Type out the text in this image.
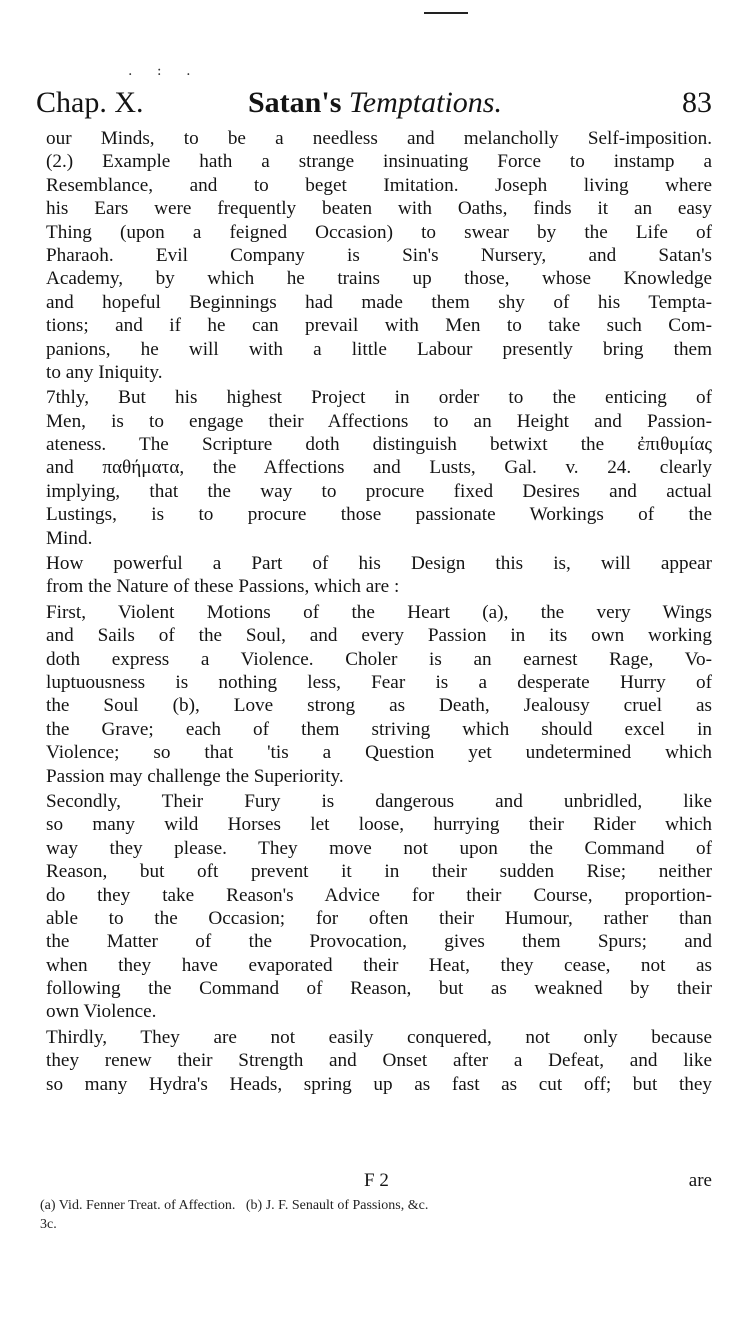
. : .
Chap. X.	Satan's Temptations.	83
our Minds, to be a needless and melancholly Self-imposition.
(2.) Example hath a strange insinuating Force to instamp a
Resemblance, and to beget Imitation. Joseph living where
his Ears were frequently beaten with Oaths, finds it an easy
Thing (upon a feigned Occasion) to swear by the Life of
Pharaoh. Evil Company is Sin's Nursery, and Satan's
Academy, by which he trains up those, whose Knowledge
and hopeful Beginnings had made them shy of his Tempta-
tions; and if he can prevail with Men to take such Com-
panions, he will with a little Labour presently bring them
to any Iniquity.
7thly, But his highest Project in order to the enticing of
Men, is to engage their Affections to an Height and Passion-
ateness. The Scripture doth distinguish betwixt the ἐπιθυμίας
and παθήματα, the Affections and Lusts, Gal. v. 24. clearly
implying, that the way to procure fixed Desires and actual
Lustings, is to procure those passionate Workings of the
Mind.
How powerful a Part of his Design this is, will appear
from the Nature of these Passions, which are :
First, Violent Motions of the Heart (a), the very Wings
and Sails of the Soul, and every Passion in its own working
doth express a Violence. Choler is an earnest Rage, Vo-
luptuousness is nothing less, Fear is a desperate Hurry of
the Soul (b), Love strong as Death, Jealousy cruel as
the Grave; each of them striving which should excel in
Violence; so that 'tis a Question yet undetermined which
Passion may challenge the Superiority.
Secondly, Their Fury is dangerous and unbridled, like
so many wild Horses let loose, hurrying their Rider which
way they please. They move not upon the Command of
Reason, but oft prevent it in their sudden Rise; neither
do they take Reason's Advice for their Course, proportion-
able to the Occasion; for often their Humour, rather than
the Matter of the Provocation, gives them Spurs; and
when they have evaporated their Heat, they cease, not as
following the Command of Reason, but as weakned by their
own Violence.
Thirdly, They are not easily conquered, not only because
they renew their Strength and Onset after a Defeat, and like
so many Hydra's Heads, spring up as fast as cut off; but they
F 2	are
(a) Vid. Fenner Treat. of Affection.   (b) J. F. Senault of Passions, &c.
3c.
